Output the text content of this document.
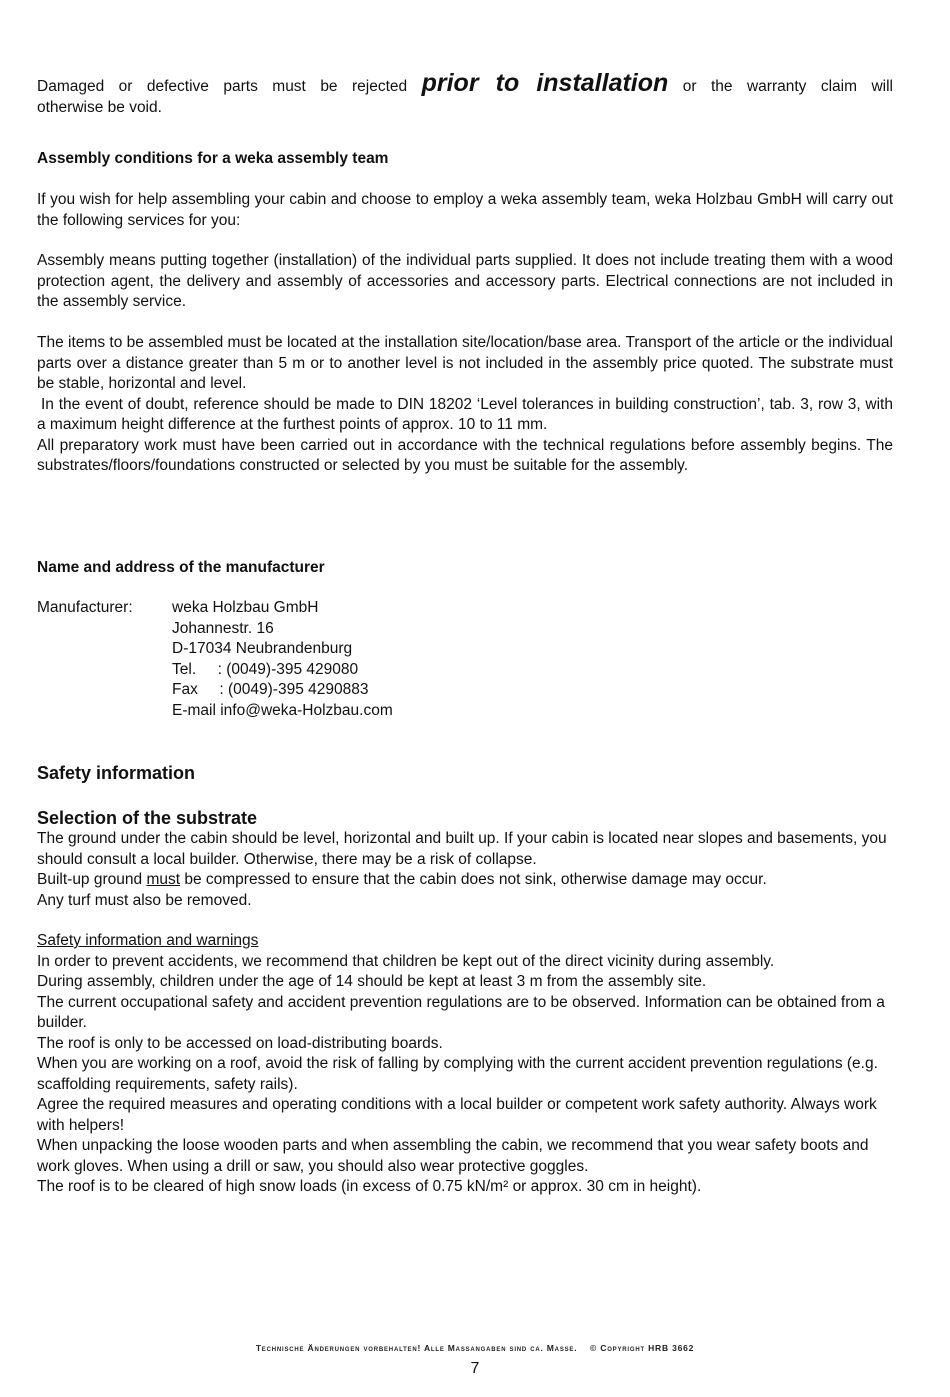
Damaged or defective parts must be rejected prior to installation or the warranty claim will

otherwise be void.

Assembly conditions for a weka assembly team

If you wish for help assembling your cabin and choose to employ a weka assembly team, weka Holzbau GmbH will carry out the following services for you:

Assembly means putting together (installation) of the individual parts supplied. It does not include treating them with a wood protection agent, the delivery and assembly of accessories and accessory parts. Electrical connections are not included in the assembly service.

The items to be assembled must be located at the installation site/location/base area. Transport of the article or the individual parts over a distance greater than 5 m or to another level is not included in the assembly price quoted. The substrate must be stable, horizontal and level.

In the event of doubt, reference should be made to DIN 18202 ‘Level tolerances in building construction’, tab. 3, row 3, with a maximum height difference at the furthest points of approx. 10 to 11 mm.

All preparatory work must have been carried out in accordance with the technical regulations before assembly begins. The substrates/floors/foundations constructed or selected by you must be suitable for the assembly.

Name and address of the manufacturer

Manufacturer:	weka Holzbau GmbH
Johannestr. 16
D-17034 Neubrandenburg
Tel.     : (0049)-395 429080
Fax     : (0049)-395 4290883
E-mail info@weka-Holzbau.com

Safety information

Selection of the substrate

The ground under the cabin should be level, horizontal and built up. If your cabin is located near slopes and basements, you should consult a local builder. Otherwise, there may be a risk of collapse.

Built-up ground must be compressed to ensure that the cabin does not sink, otherwise damage may occur.

Any turf must also be removed.

Safety information and warnings

In order to prevent accidents, we recommend that children be kept out of the direct vicinity during assembly.

During assembly, children under the age of 14 should be kept at least 3 m from the assembly site.

The current occupational safety and accident prevention regulations are to be observed. Information can be obtained from a builder.

The roof is only to be accessed on load-distributing boards.

When you are working on a roof, avoid the risk of falling by complying with the current accident prevention regulations (e.g. scaffolding requirements, safety rails).

Agree the required measures and operating conditions with a local builder or competent work safety authority. Always work with helpers!

When unpacking the loose wooden parts and when assembling the cabin, we recommend that you wear safety boots and work gloves. When using a drill or saw, you should also wear protective goggles.

The roof is to be cleared of high snow loads (in excess of 0.75 kN/m² or approx. 30 cm in height).

Technische Änderungen vorbehalten! Alle Massangaben sind ca. Masse.    © Copyright HRB 3662
7
